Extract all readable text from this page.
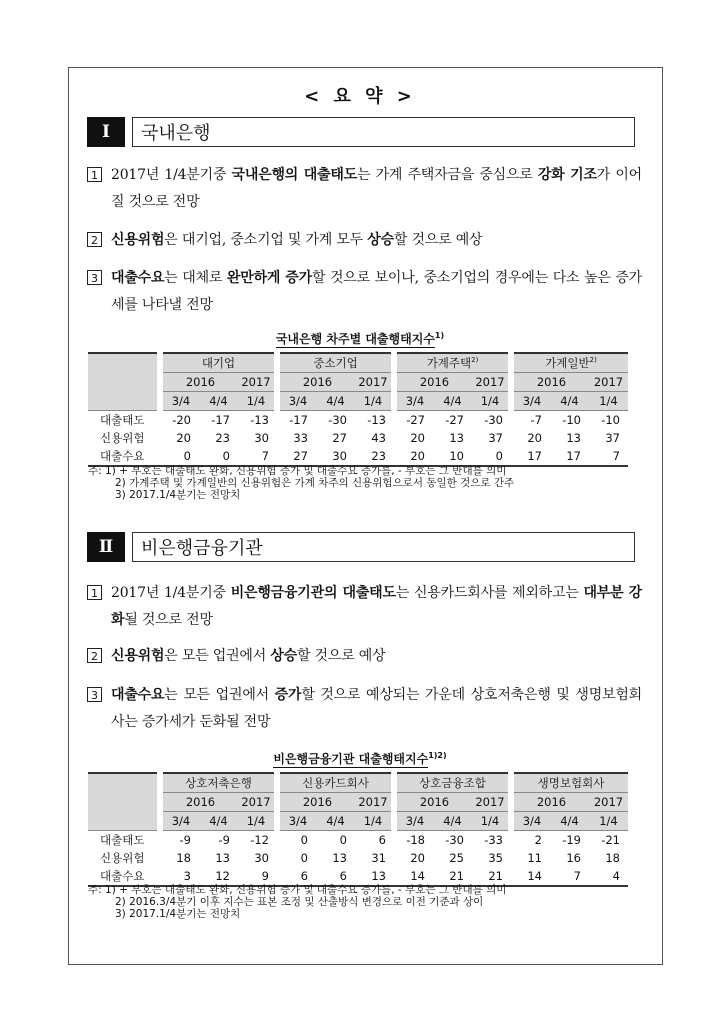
< 요 약 >
Ⅰ	국내은행
1 2017년 1/4분기중 국내은행의 대출태도는 가계 주택자금을 중심으로 강화 기조가 이어질 것으로 전망
2 신용위험은 대기업, 중소기업 및 가계 모두 상승할 것으로 예상
3 대출수요는 대체로 완만하게 증가할 것으로 보이나, 중소기업의 경우에는 다소 높은 증가세를 나타낼 전망
국내은행 차주별 대출행태지수$^{1)}$
	대기업			중소기업			가계주택$^{2)}$			가계일반$^{2)}$
	2016		2017	2016		2017	2016		2017	2016		2017
	3/4	4/4	1/4	3/4	4/4	1/4	3/4	4/4	1/4	3/4	4/4	1/4
대출태도	-20	-17	-13	-17	-30	-13	-27	-27	-30	-7	-10	-10
신용위험	20	23	30	33	27	43	20	13	37	20	13	37
대출수요	0	0	7	27	30	23	20	10	0	17	17	7
주: 1) + 부호는 대출태도 완화, 신용위험 증가 및 대출수요 증가를, - 부호는 그 반대를 의미
2) 가계주택 및 가계일반의 신용위험은 가계 차주의 신용위험으로서 동일한 것으로 간주
3) 2017.1/4분기는 전망치
Ⅱ	비은행금융기관
1 2017년 1/4분기중 비은행금융기관의 대출태도는 신용카드회사를 제외하고는 대부분 강화될 것으로 전망
2 신용위험은 모든 업권에서 상승할 것으로 예상
3 대출수요는 모든 업권에서 증가할 것으로 예상되는 가운데 상호저축은행 및 생명보험회사는 증가세가 둔화될 전망
비은행금융기관 대출행태지수$^{1)2)}$
	상호저축은행			신용카드회사			상호금융조합			생명보험회사		
	2016		2017	2016		2017	2016		2017	2016		2017
	3/4	4/4	1/4	3/4	4/4	1/4	3/4	4/4	1/4	3/4	4/4	1/4
대출태도	-9	-9	-12	0	0	6	-18	-30	-33	2	-19	-21
신용위험	18	13	30	0	13	31	20	25	35	11	16	18
대출수요	3	12	9	6	6	13	14	21	21	14	7	4
주: 1) + 부호는 대출태도 완화, 신용위험 증가 및 대출수요 증가를, - 부호는 그 반대를 의미
2) 2016.3/4분기 이후 지수는 표본 조정 및 산출방식 변경으로 이전 기준과 상이
3) 2017.1/4분기는 전망치
